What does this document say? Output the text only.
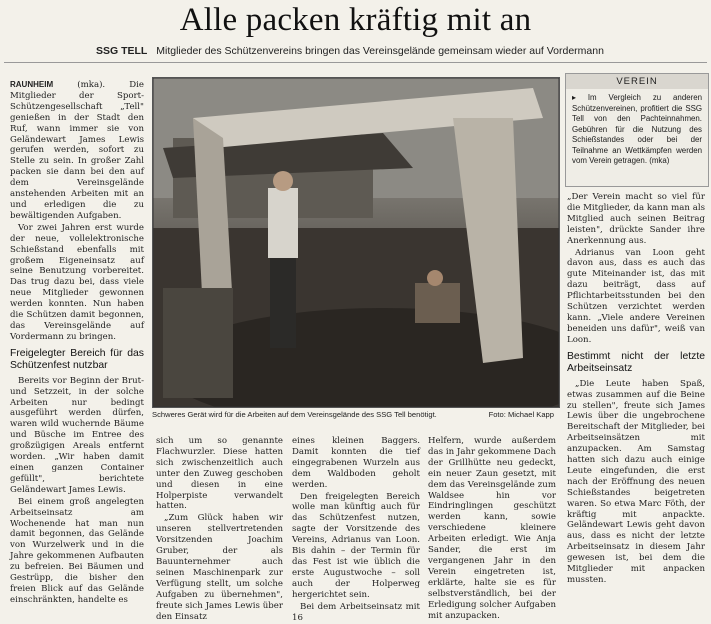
Alle packen kräftig mit an
SSG TELL Mitglieder des Schützenvereins bringen das Vereinsgelände gemeinsam wieder auf Vordermann

RAUNHEIM	(mka). Die Mitglieder der Sport-Schützengesellschaft „Tell" genießen in der Stadt den Ruf, wann immer sie von Geländewart James Lewis gerufen werden, sofort zu Stelle zu sein. In großer Zahl packen sie dann bei den auf dem Vereinsgelände anstehenden Arbeiten mit an und erledigen die zu bewältigenden Aufgaben.

Vor zwei Jahren erst wurde der neue, vollelektronische Schießstand ebenfalls mit großem Eigeneinsatz auf seine Benutzung vorbereitet. Das trug dazu bei, dass viele neue Mitglieder gewonnen werden konnten. Nun haben die Schützen damit begonnen, das Vereinsgelände auf Vordermann zu bringen.

Freigelegter Bereich für das Schützenfest nutzbar

Bereits vor Beginn der Brut- und Setzzeit, in der solche Arbeiten nur bedingt ausgeführt werden dürfen, waren wild wuchernde Bäume und Büsche im Entree des großzügigen Areals entfernt worden. „Wir haben damit einen ganzen Container gefüllt", berichtete Geländewart James Lewis.

Bei einem groß angelegten Arbeitseinsatz am Wochenende hat man nun damit begonnen, das Gelände von Wurzelwerk und in die Jahre gekommenen Aufbauten zu befreien. Bei Bäumen und Gestrüpp, die bisher den freien Blick auf das Gelände einschränkten, handelte es

Schweres Gerät wird für die Arbeiten auf dem Vereinsgelände des SSG Tell benötigt.	Foto: Michael Kapp

sich um so genannte Flachwurzler. Diese hatten sich zwischenzeitlich auch unter den Zuweg geschoben und diesen in eine Holperpiste verwandelt hatten.

„Zum Glück haben wir unseren stellvertretenden Vorsitzenden Joachim Gruber, der als Bauunternehmer auch seinen Maschinenpark zur Verfügung stellt, um solche Aufgaben zu übernehmen", freute sich James Lewis über den Einsatz

eines kleinen Baggers. Damit konnten die tief eingegrabenen Wurzeln aus dem Waldboden geholt werden.

Den freigelegten Bereich wolle man künftig auch für das Schützenfest nutzen, sagte der Vorsitzende des Vereins, Adrianus van Loon. Bis dahin – der Termin für das Fest ist wie üblich die erste Augustwoche – soll auch der Holperweg hergerichtet sein.

Bei dem Arbeitseinsatz mit 16

Helfern, wurde außerdem das in Jahr gekommene Dach der Grillhütte neu gedeckt, ein neuer Zaun gesetzt, mit dem das Vereinsgelände zum Waldsee hin vor Eindringlingen geschützt werden kann, sowie verschiedene kleinere Arbeiten erledigt. Wie Anja Sander, die erst im vergangenen Jahr in den Verein eingetreten ist, erklärte, halte sie es für selbstverständlich, bei der Erledigung solcher Aufgaben mit anzupacken.

VEREIN
▸ Im Vergleich zu anderen Schützenvereinen, profitiert die SSG Tell von den Pachteinnahmen. Gebühren für die Nutzung des Schießstandes oder bei der Teilnahme an Wettkämpfen werden vom Verein getragen. (mka)

„Der Verein macht so viel für die Mitglieder, da kann man als Mitglied auch seinen Beitrag leisten", drückte Sander ihre Anerkennung aus.

Adrianus van Loon geht davon aus, dass es auch das gute Miteinander ist, das mit dazu beiträgt, dass auf Pflichtarbeitsstunden bei den Schützen verzichtet werden kann. „Viele andere Vereinen beneiden uns dafür", weiß van Loon.

Bestimmt nicht der letzte Arbeitseinsatz

„Die Leute haben Spaß, etwas zusammen auf die Beine zu stellen", freute sich James Lewis über die ungebrochene Bereitschaft der Mitglieder, bei Arbeitseinsätzen mit anzupacken. Am Samstag hatten sich dazu auch einige Leute eingefunden, die erst nach der Eröffnung des neuen Schießstandes beigetreten waren. So etwa Marc Föth, der kräftig mit anpackte. Geländewart Lewis geht davon aus, dass es nicht der letzte Arbeitseinsatz in diesem Jahr gewesen ist, bei dem die Mitglieder mit anpacken mussten.
